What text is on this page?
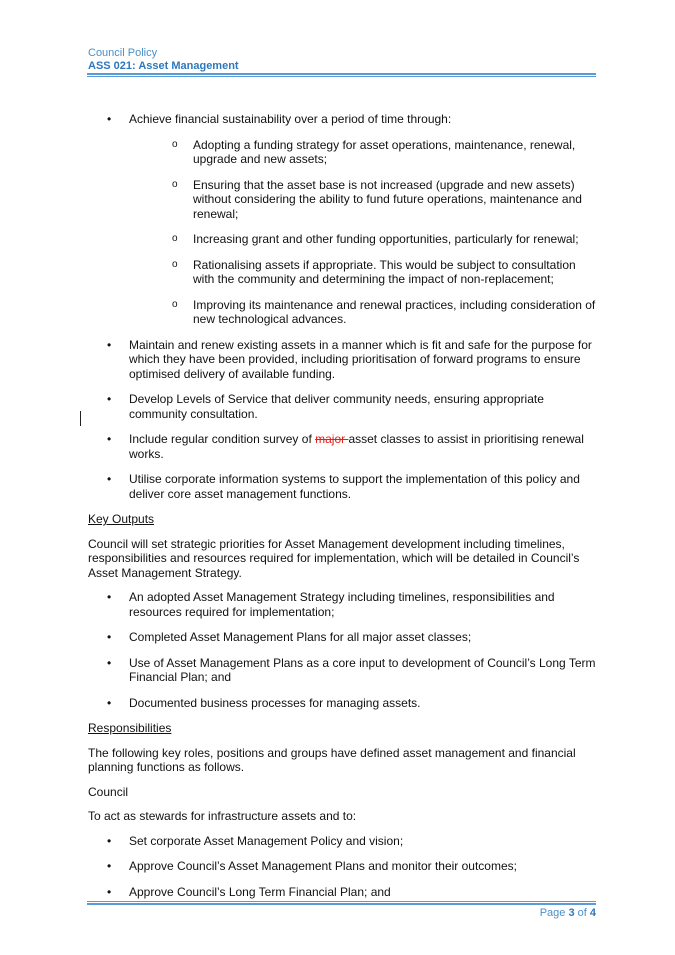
Council Policy
ASS 021: Asset Management
• Achieve financial sustainability over a period of time through:
o Adopting a funding strategy for asset operations, maintenance, renewal, upgrade and new assets;
o Ensuring that the asset base is not increased (upgrade and new assets) without considering the ability to fund future operations, maintenance and renewal;
o Increasing grant and other funding opportunities, particularly for renewal;
o Rationalising assets if appropriate. This would be subject to consultation with the community and determining the impact of non-replacement;
o Improving its maintenance and renewal practices, including consideration of new technological advances.
• Maintain and renew existing assets in a manner which is fit and safe for the purpose for which they have been provided, including prioritisation of forward programs to ensure optimised delivery of available funding.
• Develop Levels of Service that deliver community needs, ensuring appropriate community consultation.
• Include regular condition survey of major asset classes to assist in prioritising renewal works.
• Utilise corporate information systems to support the implementation of this policy and deliver core asset management functions.
Key Outputs
Council will set strategic priorities for Asset Management development including timelines, responsibilities and resources required for implementation, which will be detailed in Council’s Asset Management Strategy.
• An adopted Asset Management Strategy including timelines, responsibilities and resources required for implementation;
• Completed Asset Management Plans for all major asset classes;
• Use of Asset Management Plans as a core input to development of Council’s Long Term Financial Plan; and
• Documented business processes for managing assets.
Responsibilities
The following key roles, positions and groups have defined asset management and financial planning functions as follows.
Council
To act as stewards for infrastructure assets and to:
• Set corporate Asset Management Policy and vision;
• Approve Council’s Asset Management Plans and monitor their outcomes;
• Approve Council’s Long Term Financial Plan; and
Page 3 of 4
